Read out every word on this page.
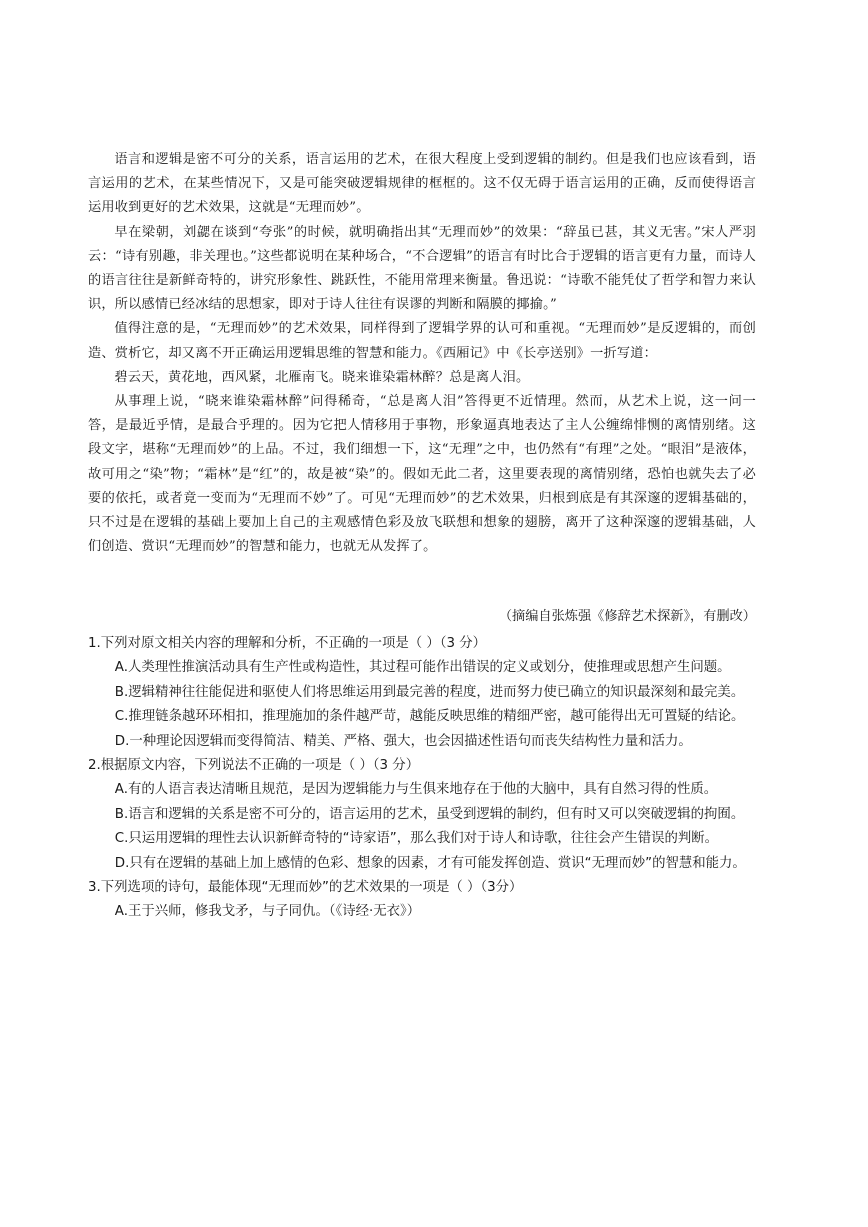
语言和逻辑是密不可分的关系，语言运用的艺术，在很大程度上受到逻辑的制约。但是我们也应该看到，语言运用的艺术，在某些情况下，又是可能突破逻辑规律的框框的。这不仅无碍于语言运用的正确，反而使得语言运用收到更好的艺术效果，这就是“无理而妙”。

早在梁朝，刘勰在谈到“夸张”的时候，就明确指出其“无理而妙”的效果：“辞虽已甚，其义无害。”宋人严羽云：“诗有别趣，非关理也。”这些都说明在某种场合，“不合逻辑”的语言有时比合于逻辑的语言更有力量，而诗人的语言往往是新鲜奇特的，讲究形象性、跳跃性，不能用常理来衡量。鲁迅说：“诗歌不能凭仗了哲学和智力来认识，所以感情已经冰结的思想家，即对于诗人往往有误谬的判断和隔膜的揶揄。”

值得注意的是，“无理而妙”的艺术效果，同样得到了逻辑学界的认可和重视。“无理而妙”是反逻辑的，而创造、赏析它，却又离不开正确运用逻辑思维的智慧和能力。《西厢记》中《长亭送别》一折写道：

碧云天，黄花地，西风紧，北雁南飞。晓来谁染霜林醉？总是离人泪。

从事理上说，“晓来谁染霜林醉”问得稀奇，“总是离人泪”答得更不近情理。然而，从艺术上说，这一问一答，是最近乎情，是最合乎理的。因为它把人情移用于事物，形象逼真地表达了主人公缠绵悱恻的离情别绪。这段文字，堪称“无理而妙”的上品。不过，我们细想一下，这“无理”之中，也仍然有“有理”之处。“眼泪”是液体，故可用之“染”物；“霜林”是“红”的，故是被“染”的。假如无此二者，这里要表现的离情别绪，恐怕也就失去了必要的依托，或者竟一变而为“无理而不妙”了。可见“无理而妙”的艺术效果，归根到底是有其深邃的逻辑基础的，只不过是在逻辑的基础上要加上自己的主观感情色彩及放飞联想和想象的翅膀，离开了这种深邃的逻辑基础，人们创造、赏识“无理而妙”的智慧和能力，也就无从发挥了。

（摘编自张炼强《修辞艺术探新》，有删改）

1.下列对原文相关内容的理解和分析，不正确的一项是（ ）（3 分）

A.人类理性推演活动具有生产性或构造性，其过程可能作出错误的定义或划分，使推理或思想产生问题。

B.逻辑精神往往能促进和驱使人们将思维运用到最完善的程度，进而努力使已确立的知识最深刻和最完美。

C.推理链条越环环相扣，推理施加的条件越严苛，越能反映思维的精细严密，越可能得出无可置疑的结论。

D.一种理论因逻辑而变得简洁、精美、严格、强大，也会因描述性语句而丧失结构性力量和活力。

2.根据原文内容，下列说法不正确的一项是（ ）（3 分）

A.有的人语言表达清晰且规范，是因为逻辑能力与生俱来地存在于他的大脑中，具有自然习得的性质。

B.语言和逻辑的关系是密不可分的，语言运用的艺术，虽受到逻辑的制约，但有时又可以突破逻辑的拘囿。

C.只运用逻辑的理性去认识新鲜奇特的“诗家语”，那么我们对于诗人和诗歌，往往会产生错误的判断。

D.只有在逻辑的基础上加上感情的色彩、想象的因素，才有可能发挥创造、赏识“无理而妙”的智慧和能力。

3.下列选项的诗句，最能体现“无理而妙”的艺术效果的一项是（ ）（3分）

A.王于兴师，修我戈矛，与子同仇。（《诗经·无衣》）
